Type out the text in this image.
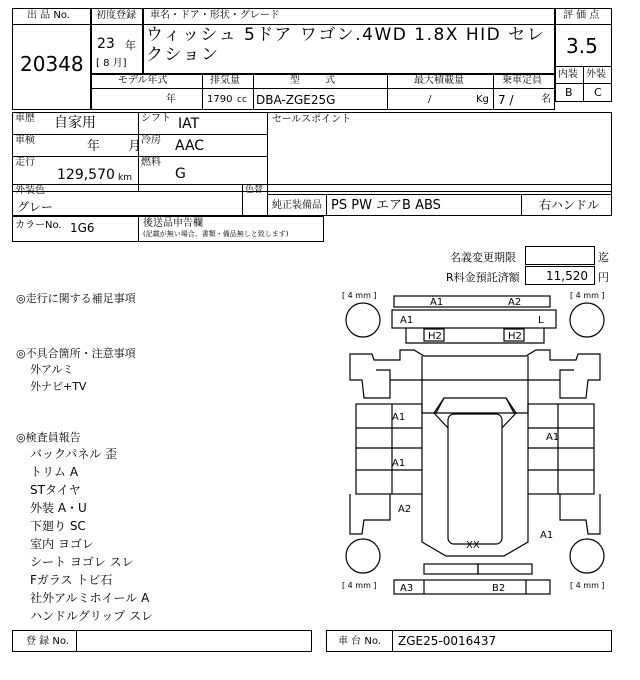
出 品 No.
20348
初度登録
23 年
[ 8 月]
車名・ドア・形状・グレード
ウィッシュ 5ドア ワゴン.4WD 1.8X HID セレクション
評 価 点
3.5
内装 外装
B C
モデル年式
年
排気量
1790 cc
型 式
DBA-ZGE25G
最大積載量
/	Kg
乗車定員
7 /	名
車歴 自家用
車検	年 月
走行
129,570 km
シフト IAT
冷房 AAC
燃料
G
セールスポイント
外装色
グレー
色替
純正装備品 PS PW エアB ABS	右ハンドル
カラーNo. 1G6	後送品申告欄
(記載が無い場合、書類・備品無しと致します)
名義変更期限	迄
R料金預託済額 11,520 円
◎走行に関する補足事項
◎不具合箇所・注意事項
外アルミ
外ナビ+TV
◎検査員報告
バックパネル 歪
トリム A
STタイヤ
外装 A・U
下廻り SC
室内 ヨゴレ
シート ヨゴレ スレ
Fガラス トビ石
社外アルミホイール A
ハンドルグリップ スレ
[ 4 mm ]	[ 4 mm ]
[ 4 mm ]	[ 4 mm ]
A1	A2
A1	L
H2	H2
A1
A1
A2
A1
A1
XX
A3	B2
登 録 No.	車 台 No. ZGE25-0016437
